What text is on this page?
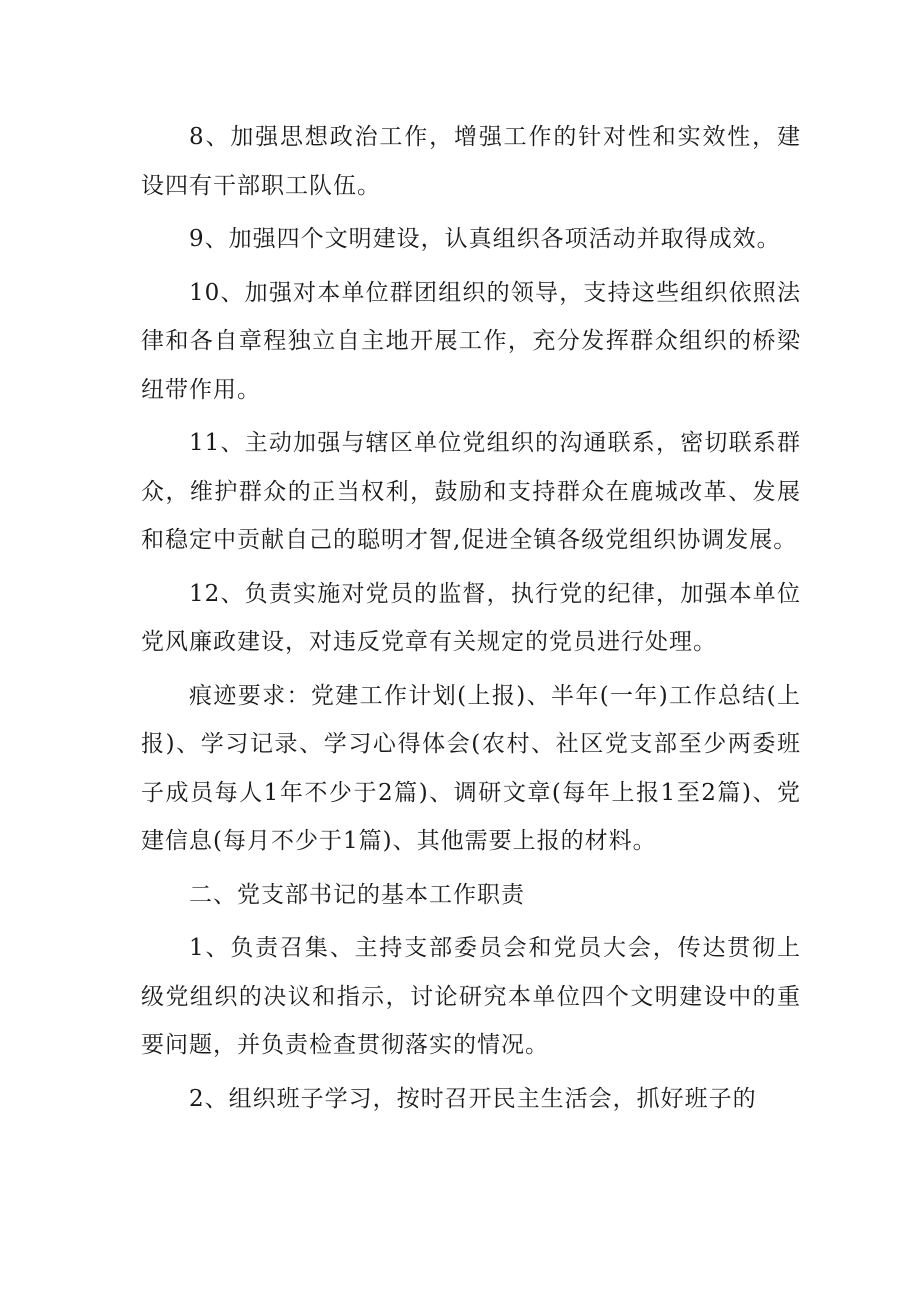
8、加强思想政治工作，增强工作的针对性和实效性，建设四有干部职工队伍。

9、加强四个文明建设，认真组织各项活动并取得成效。

10、加强对本单位群团组织的领导，支持这些组织依照法律和各自章程独立自主地开展工作，充分发挥群众组织的桥梁纽带作用。

11、主动加强与辖区单位党组织的沟通联系，密切联系群众，维护群众的正当权利，鼓励和支持群众在鹿城改革、发展和稳定中贡献自己的聪明才智,促进全镇各级党组织协调发展。

12、负责实施对党员的监督，执行党的纪律，加强本单位党风廉政建设，对违反党章有关规定的党员进行处理。

痕迹要求：党建工作计划(上报)、半年(一年)工作总结(上报)、学习记录、学习心得体会(农村、社区党支部至少两委班子成员每人1年不少于2篇)、调研文章(每年上报1至2篇)、党建信息(每月不少于1篇)、其他需要上报的材料。

二、党支部书记的基本工作职责

1、负责召集、主持支部委员会和党员大会，传达贯彻上级党组织的决议和指示，讨论研究本单位四个文明建设中的重要问题，并负责检查贯彻落实的情况。

2、组织班子学习，按时召开民主生活会，抓好班子的
